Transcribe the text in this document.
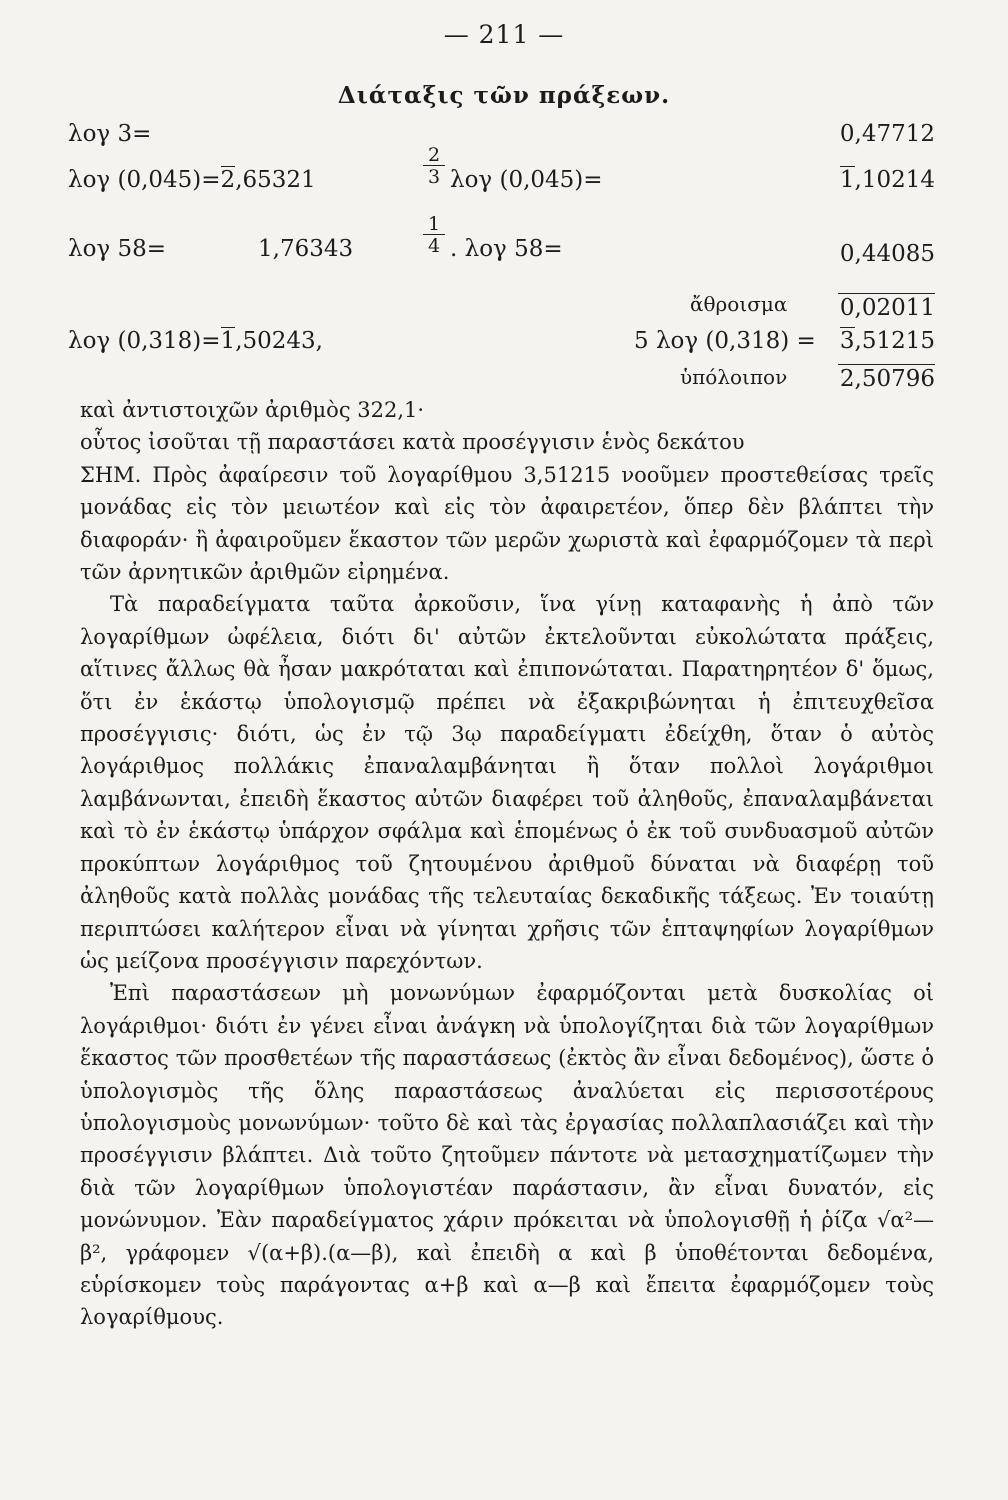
— 211 —
Διάταξις τῶν πράξεων.
λογ 3=	0,47712
λογ (0,045)=2,65321	$\frac{2}{3}$ λογ (0,045)=	1,10214
λογ 58=	1,76343	$\frac{1}{4}$ . λογ 58=	0,44085
ἄθροισμα 0,02011
λογ (0,318)=1,50243,	5 λογ (0,318) =	3,51215
ὑπόλοιπον 2,50796

καὶ ἀντιστοιχῶν ἀριθμὸς 322,1·

οὗτος ἰσοῦται τῇ παραστάσει κατὰ προσέγγισιν ἑνὸς δεκάτου

ΣΗΜ. Πρὸς ἀφαίρεσιν τοῦ λογαρίθμου 3,51215 νοοῦμεν προστεθείσας τρεῖς μονάδας εἰς τὸν μειωτέον καὶ εἰς τὸν ἀφαιρετέον, ὅπερ δὲν βλάπτει τὴν διαφοράν· ἢ ἀφαιροῦμεν ἕκαστον τῶν μερῶν χωριστὰ καὶ ἐφαρμόζομεν τὰ περὶ τῶν ἀρνητικῶν ἀριθμῶν εἰρημένα.

Τὰ παραδείγματα ταῦτα ἀρκοῦσιν, ἵνα γίνῃ καταφανὴς ἡ ἀπὸ τῶν λογαρίθμων ὠφέλεια, διότι δι' αὐτῶν ἐκτελοῦνται εὐκολώτατα πράξεις, αἵτινες ἄλλως θὰ ἦσαν μακρόταται καὶ ἐπιπονώταται. Παρατηρητέον δ' ὅμως, ὅτι ἐν ἑκάστῳ ὑπολογισμῷ πρέπει νὰ ἐξακριβώνηται ἡ ἐπιτευχθεῖσα προσέγγισις· διότι, ὡς ἐν τῷ 3ῳ παραδείγματι ἐδείχθη, ὅταν ὁ αὐτὸς λογάριθμος πολλάκις ἐπαναλαμβάνηται ἢ ὅταν πολλοὶ λογάριθμοι λαμβάνωνται, ἐπειδὴ ἕκαστος αὐτῶν διαφέρει τοῦ ἀληθοῦς, ἐπαναλαμβάνεται καὶ τὸ ἐν ἑκάστῳ ὑπάρχον σφάλμα καὶ ἑπομένως ὁ ἐκ τοῦ συνδυασμοῦ αὐτῶν προκύπτων λογάριθμος τοῦ ζητουμένου ἀριθμοῦ δύναται νὰ διαφέρῃ τοῦ ἀληθοῦς κατὰ πολλὰς μονάδας τῆς τελευταίας δεκαδικῆς τάξεως. Ἐν τοιαύτῃ περιπτώσει καλήτερον εἶναι νὰ γίνηται χρῆσις τῶν ἑπταψηφίων λογαρίθμων ὡς μείζονα προσέγγισιν παρεχόντων.

Ἐπὶ παραστάσεων μὴ μονωνύμων ἐφαρμόζονται μετὰ δυσκολίας οἱ λογάριθμοι· διότι ἐν γένει εἶναι ἀνάγκη νὰ ὑπολογίζηται διὰ τῶν λογαρίθμων ἕκαστος τῶν προσθετέων τῆς παραστάσεως (ἐκτὸς ἂν εἶναι δεδομένος), ὥστε ὁ ὑπολογισμὸς τῆς ὅλης παραστάσεως ἀναλύεται εἰς περισσοτέρους ὑπολογισμοὺς μονωνύμων· τοῦτο δὲ καὶ τὰς ἐργασίας πολλαπλασιάζει καὶ τὴν προσέγγισιν βλάπτει. Διὰ τοῦτο ζητοῦμεν πάντοτε νὰ μετασχηματίζωμεν τὴν διὰ τῶν λογαρίθμων ὑπολογιστέαν παράστασιν, ἂν εἶναι δυνατόν, εἰς μονώνυμον. Ἐὰν παραδείγματος χάριν πρόκειται νὰ ὑπολογισθῇ ἡ ῥίζα √α²—β², γράφομεν √(α+β).(α—β), καὶ ἐπειδὴ α καὶ β ὑποθέτονται δεδομένα, εὑρίσκομεν τοὺς παράγοντας α+β καὶ α—β καὶ ἔπειτα ἐφαρμόζομεν τοὺς λογαρίθμους.
